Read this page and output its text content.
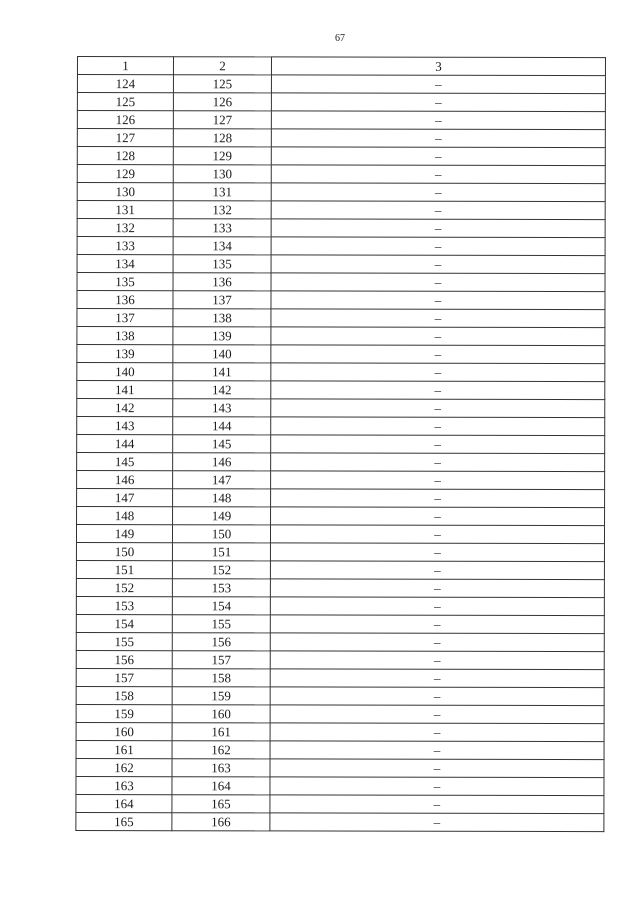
67
1	2	3
124	125	–
125	126	–
126	127	–
127	128	–
128	129	–
129	130	–
130	131	–
131	132	–
132	133	–
133	134	–
134	135	–
135	136	–
136	137	–
137	138	–
138	139	–
139	140	–
140	141	–
141	142	–
142	143	–
143	144	–
144	145	–
145	146	–
146	147	–
147	148	–
148	149	–
149	150	–
150	151	–
151	152	–
152	153	–
153	154	–
154	155	–
155	156	–
156	157	–
157	158	–
158	159	–
159	160	–
160	161	–
161	162	–
162	163	–
163	164	–
164	165	–
165	166	–
